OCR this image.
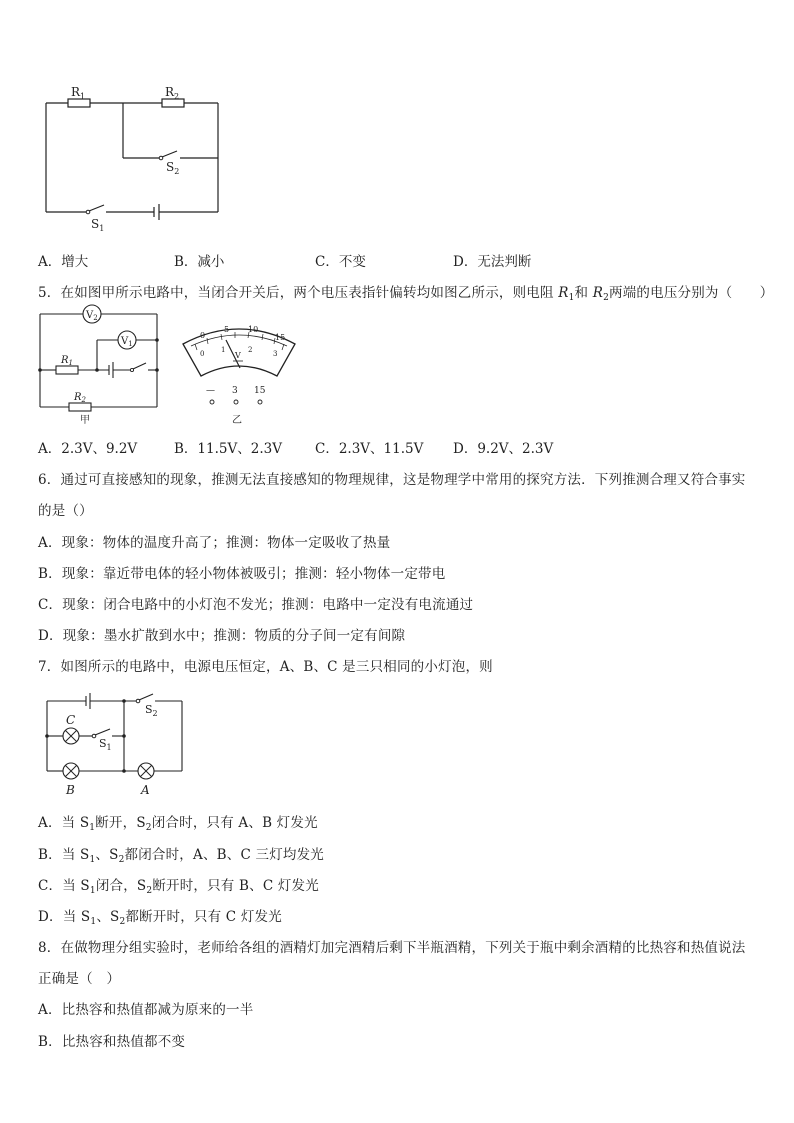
$R_1$	$R_2$
$S_1$
$S_2$
A．增大	B．减小	C．不变	D．无法判断
5．在如图甲所示电路中，当闭合开关后，两个电压表指针偏转均如图乙所示，则电阻 $R_1$和 $R_2$两端的电压分别为（　　）
$V_2$
$V_1$
$R_1$
$R_2$
甲
0
5 10
15
0 1	2	3
V
— 3 15
乙
A．2.3V、9.2V	B．11.5V、2.3V C．2.3V、11.5V D．9.2V、2.3V
6．通过可直接感知的现象，推测无法直接感知的物理规律，这是物理学中常用的探究方法．下列推测合理又符合事实
的是（）
A．现象：物体的温度升高了；推测：物体一定吸收了热量
B．现象：靠近带电体的轻小物体被吸引；推测：轻小物体一定带电
C．现象：闭合电路中的小灯泡不发光；推测：电路中一定没有电流通过
D．现象：墨水扩散到水中；推测：物质的分子间一定有间隙
7．如图所示的电路中，电源电压恒定，A、B、C 是三只相同的小灯泡，则
C
B	A
$S_1$
$S_2$
A．当 $S_1$断开，$S_2$闭合时，只有 A、B 灯发光
B．当 $S_1$、$S_2$都闭合时，A、B、C 三灯均发光
C．当 $S_1$闭合，$S_2$断开时，只有 B、C 灯发光
D．当 $S_1$、$S_2$都断开时，只有 C 灯发光
8．在做物理分组实验时，老师给各组的酒精灯加完酒精后剩下半瓶酒精，下列关于瓶中剩余酒精的比热容和热值说法
正确是（　）
A．比热容和热值都减为原来的一半
B．比热容和热值都不变
